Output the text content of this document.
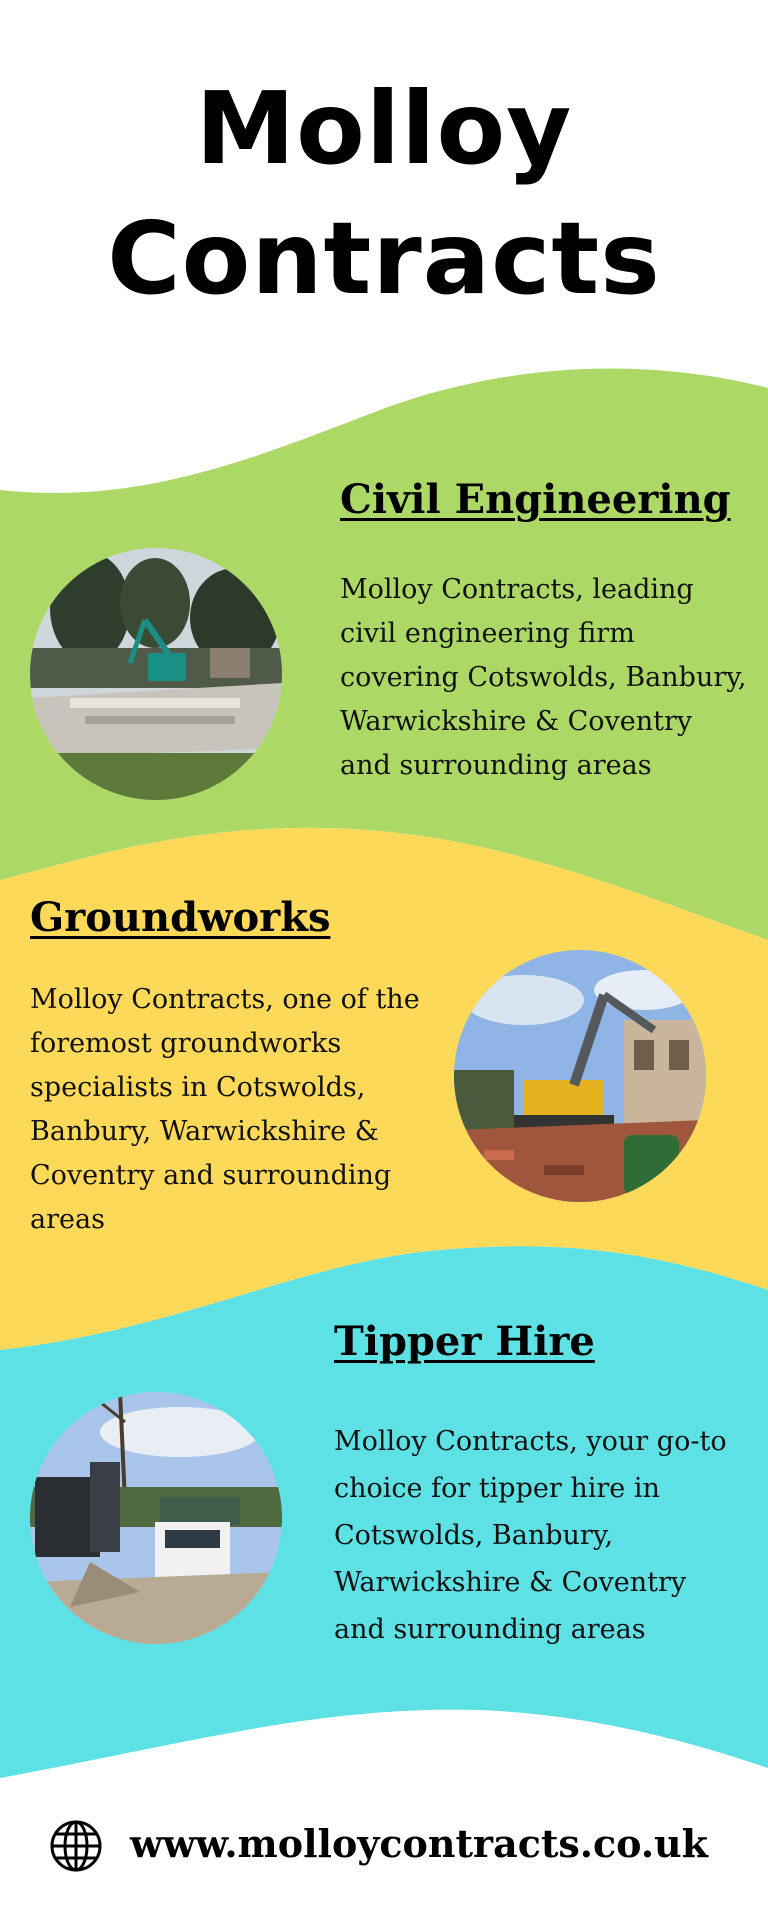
Molloy
Contracts
Civil Engineering
Molloy Contracts, leading civil engineering firm covering Cotswolds, Banbury, Warwickshire & Coventry and surrounding areas
Groundworks
Molloy Contracts, one of the foremost groundworks specialists in Cotswolds, Banbury, Warwickshire & Coventry and surrounding areas
Tipper Hire
Molloy Contracts, your go-to choice for tipper hire in Cotswolds, Banbury, Warwickshire & Coventry and surrounding areas
www.molloycontracts.co.uk
